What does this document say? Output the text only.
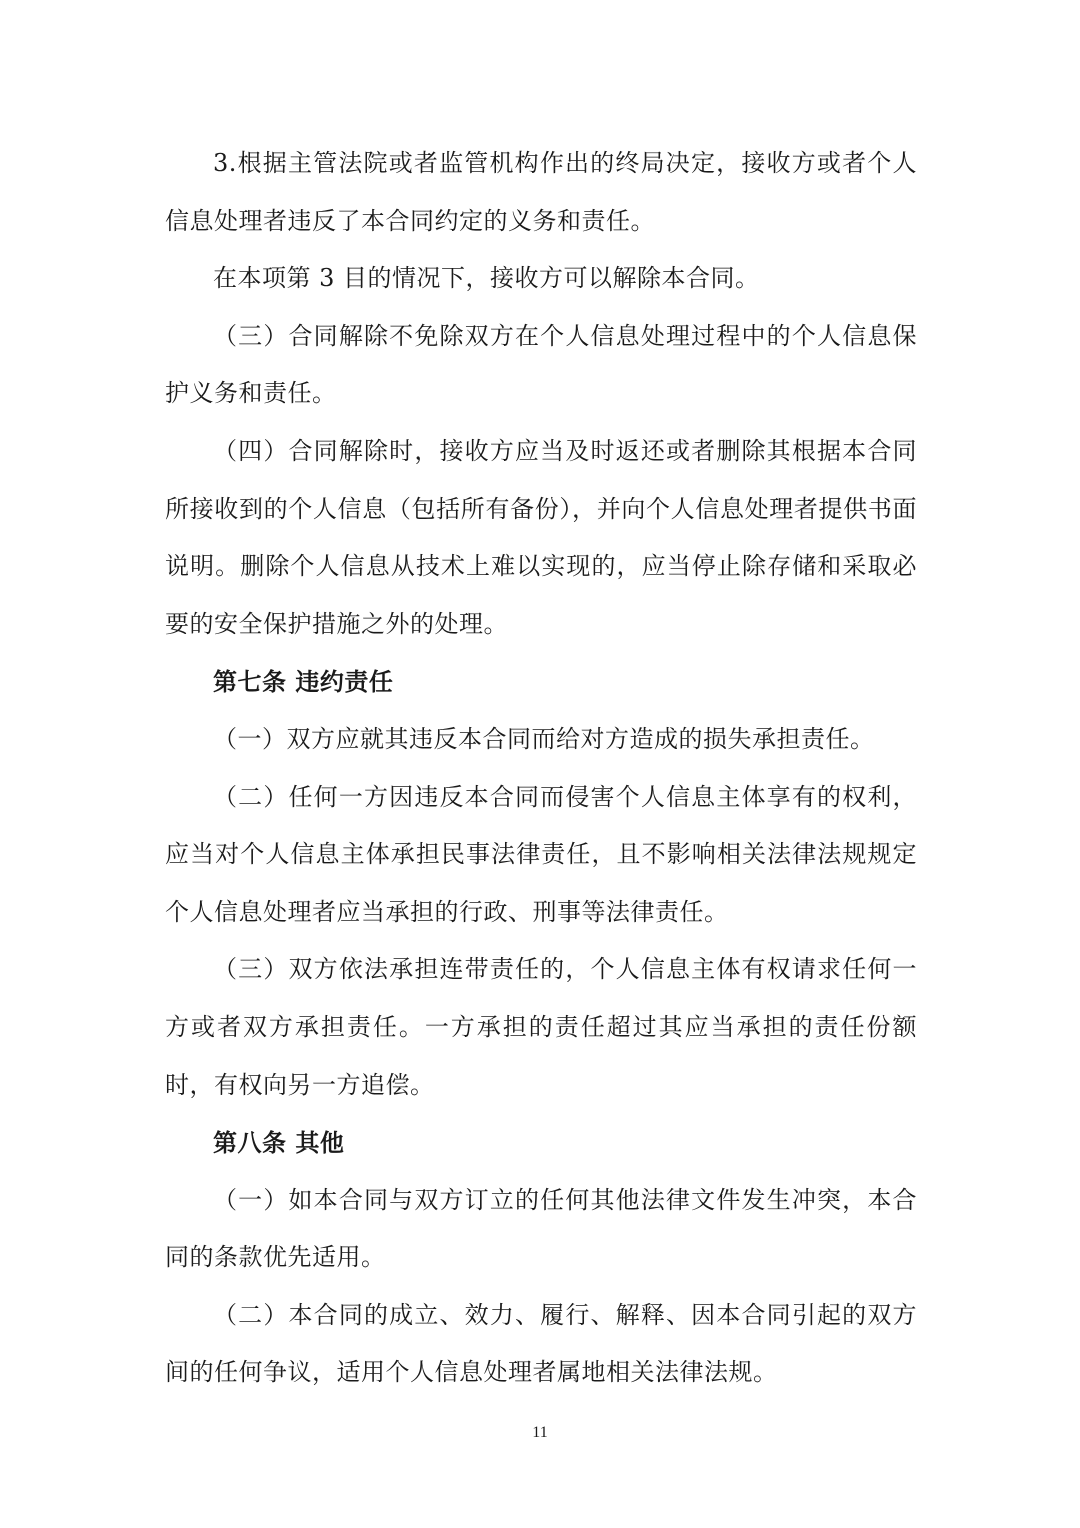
3.根据主管法院或者监管机构作出的终局决定，接收方或者个人信息处理者违反了本合同约定的义务和责任。

在本项第 3 目的情况下，接收方可以解除本合同。

（三）合同解除不免除双方在个人信息处理过程中的个人信息保护义务和责任。

（四）合同解除时，接收方应当及时返还或者删除其根据本合同所接收到的个人信息（包括所有备份），并向个人信息处理者提供书面说明。删除个人信息从技术上难以实现的，应当停止除存储和采取必要的安全保护措施之外的处理。

第七条 违约责任

（一）双方应就其违反本合同而给对方造成的损失承担责任。

（二）任何一方因违反本合同而侵害个人信息主体享有的权利，应当对个人信息主体承担民事法律责任，且不影响相关法律法规规定个人信息处理者应当承担的行政、刑事等法律责任。

（三）双方依法承担连带责任的，个人信息主体有权请求任何一方或者双方承担责任。一方承担的责任超过其应当承担的责任份额时，有权向另一方追偿。

第八条 其他

（一）如本合同与双方订立的任何其他法律文件发生冲突，本合同的条款优先适用。

（二）本合同的成立、效力、履行、解释、因本合同引起的双方间的任何争议，适用个人信息处理者属地相关法律法规。

11
